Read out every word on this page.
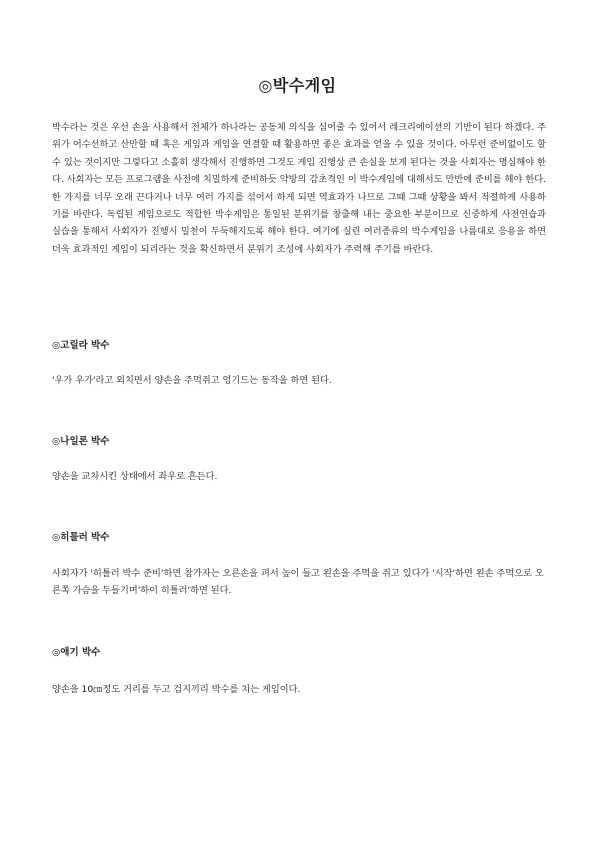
◎박수게임

박수라는 것은 우선 손을 사용해서 전체가 하나라는 공동체 의식을 심어줄 수 있어서 레크리에이션의 기반이 된다 하겠다. 주위가 어수선하고 산만할 때 혹은 게임과 게임을 연결할 때 활용하면 좋은 효과를 얻을 수 있을 것이다. 아무런 준비없이도 할 수 있는 것이지만 그렇다고 소홀히 생각해서 진행하면 그것도 게임 진행상 큰 손실을 보게 된다는 것을 사회자는 명심해야 한다. 사회자는 모든 프로그램을 사전에 치밀하게 준비하듯 약방의 감초격인 이 박수게임에 대해서도 만반에 준비를 해야 한다. 한 가지를 너무 오래 끈다거나 너무 여러 가지를 섞어서 하게 되면 역효과가 나므로 그때 그때 상황을 봐서 적절하게 사용하기를 바란다. 독립된 게임으로도 적합한 박수게임은 통일된 분위기를 창출해 내는 중요한 부분이므로 신중하게 사전연습과 실습을 통해서 사회자가 진행시 밀천이 두둑해지도록 해야 한다. 여기에 실린 여러종류의 박수게임을 나름대로 응용을 하면 더욱 효과적인 게임이 되리라는 것을 확신하면서 분위기 조성에 사회자가 주력해 주기를 바란다.

◎고릴라 박수

'우가 우가'라고 외치면서 양손을 주먹쥐고 엉기드는 동작을 하면 된다.

◎나일론 박수

양손을 교차시킨 상태에서 좌우로 흔든다.

◎히틀러 박수

사회자가 '히틀러 박수 준비'하면 참가자는 오른손을 펴서 높이 들고 왼손을 주먹을 쥐고 있다가 '시작'하면 왼손 주먹으로 오른쪽 가슴을 두들기며'하이 히틀러'하면 된다.

◎애기 박수

양손을 10㎝정도 거리를 두고 검지끼리 박수를 치는 게임이다.
